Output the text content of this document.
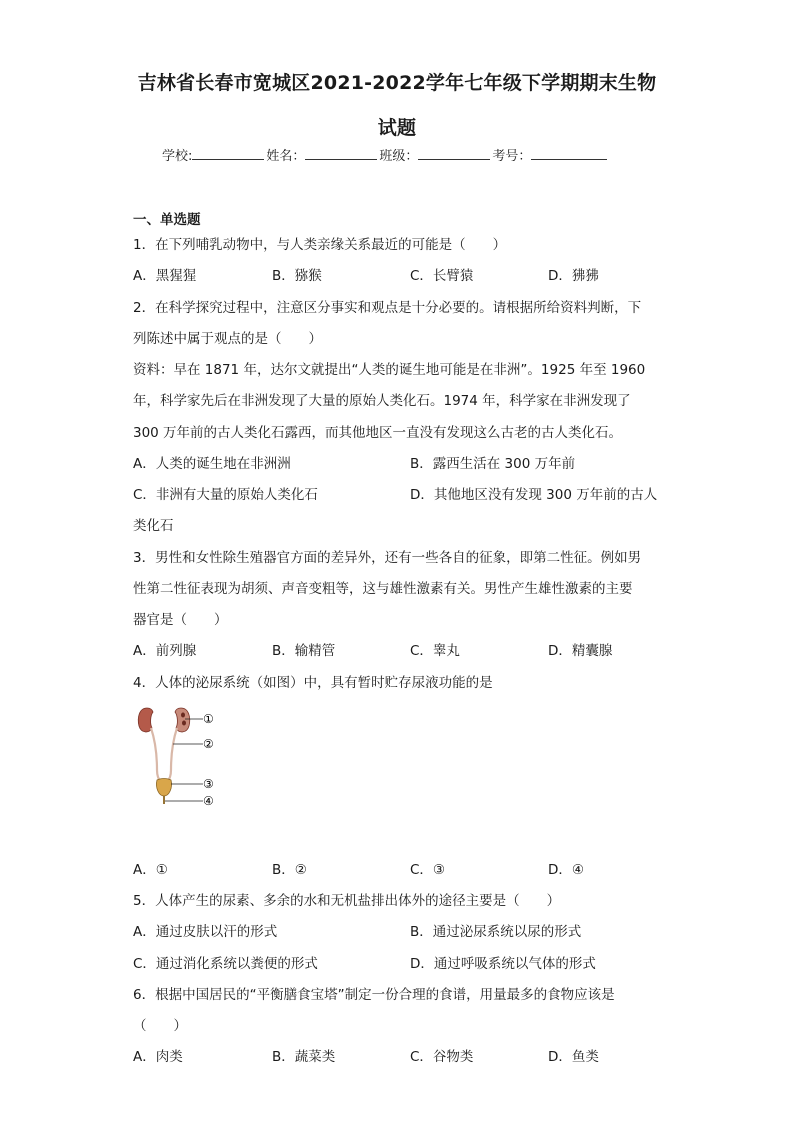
吉林省长春市宽城区2021-2022学年七年级下学期期末生物
试题
学校:	姓名：	班级：	考号：
一、单选题
1．在下列哺乳动物中，与人类亲缘关系最近的可能是（　　）
A．黑猩猩	B．猕猴	C．长臂猿	D．狒狒
2．在科学探究过程中，注意区分事实和观点是十分必要的。请根据所给资料判断，下
列陈述中属于观点的是（　　）
资料：早在 1871 年，达尔文就提出“人类的诞生地可能是在非洲”。1925 年至 1960
年，科学家先后在非洲发现了大量的原始人类化石。1974 年，科学家在非洲发现了
300 万年前的古人类化石露西，而其他地区一直没有发现这么古老的古人类化石。
A．人类的诞生地在非洲洲	B．露西生活在 300 万年前
C．非洲有大量的原始人类化石	D．其他地区没有发现 300 万年前的古人
类化石
3．男性和女性除生殖器官方面的差异外，还有一些各自的征象，即第二性征。例如男
性第二性征表现为胡须、声音变粗等，这与雄性激素有关。男性产生雄性激素的主要
器官是（　　）
A．前列腺	B．输精管	C．睾丸	D．精囊腺
4．人体的泌尿系统（如图）中，具有暂时贮存尿液功能的是
①
②
③
④
A．①	B．②	C．③	D．④
5．人体产生的尿素、多余的水和无机盐排出体外的途径主要是（　　）
A．通过皮肤以汗的形式	B．通过泌尿系统以尿的形式
C．通过消化系统以粪便的形式	D．通过呼吸系统以气体的形式
6．根据中国居民的“平衡膳食宝塔”制定一份合理的食谱，用量最多的食物应该是
（　　）
A．肉类	B．蔬菜类	C．谷物类	D．鱼类
